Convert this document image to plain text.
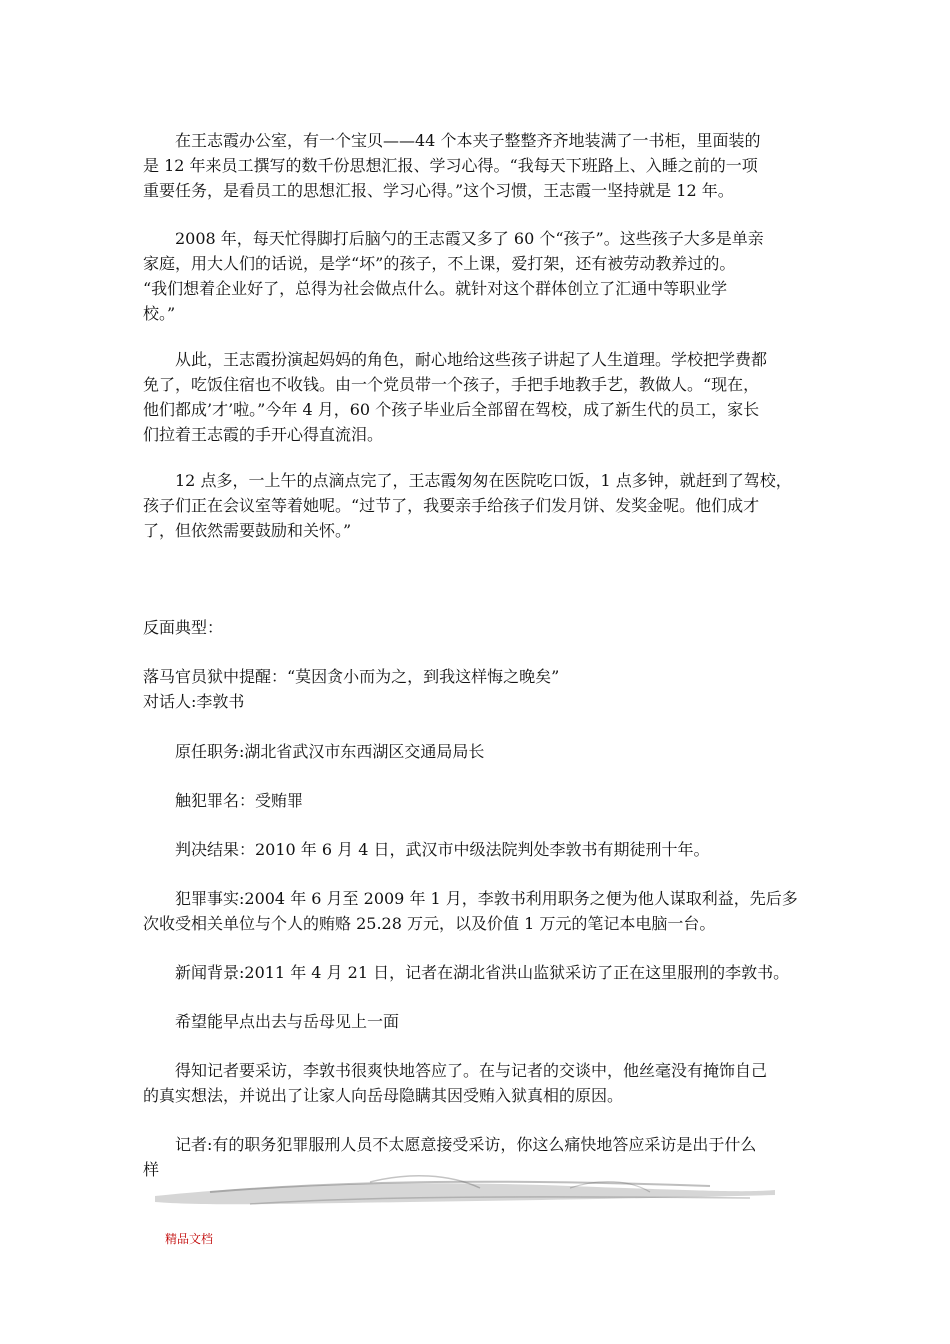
在王志霞办公室，有一个宝贝——44 个本夹子整整齐齐地装满了一书柜，里面装的
是 12 年来员工撰写的数千份思想汇报、学习心得。“我每天下班路上、入睡之前的一项
重要任务，是看员工的思想汇报、学习心得。”这个习惯，王志霞一坚持就是 12 年。
2008 年，每天忙得脚打后脑勺的王志霞又多了 60 个“孩子”。这些孩子大多是单亲
家庭，用大人们的话说，是学“坏”的孩子，不上课，爱打架，还有被劳动教养过的。
“我们想着企业好了，总得为社会做点什么。就针对这个群体创立了汇通中等职业学
校。”
从此，王志霞扮演起妈妈的角色，耐心地给这些孩子讲起了人生道理。学校把学费都
免了，吃饭住宿也不收钱。由一个党员带一个孩子，手把手地教手艺，教做人。“现在，
他们都成’才’啦。”今年 4 月，60 个孩子毕业后全部留在驾校，成了新生代的员工，家长
们拉着王志霞的手开心得直流泪。
12 点多，一上午的点滴点完了，王志霞匆匆在医院吃口饭，1 点多钟，就赶到了驾校，
孩子们正在会议室等着她呢。“过节了，我要亲手给孩子们发月饼、发奖金呢。他们成才
了，但依然需要鼓励和关怀。”
反面典型：
落马官员狱中提醒：“莫因贪小而为之，到我这样悔之晚矣”
对话人:李敦书
原任职务:湖北省武汉市东西湖区交通局局长
触犯罪名：受贿罪
判决结果：2010 年 6 月 4 日，武汉市中级法院判处李敦书有期徒刑十年。
犯罪事实:2004 年 6 月至 2009 年 1 月，李敦书利用职务之便为他人谋取利益，先后多
次收受相关单位与个人的贿赂 25.28 万元，以及价值 1 万元的笔记本电脑一台。
新闻背景:2011 年 4 月 21 日，记者在湖北省洪山监狱采访了正在这里服刑的李敦书。
希望能早点出去与岳母见上一面
得知记者要采访，李敦书很爽快地答应了。在与记者的交谈中，他丝毫没有掩饰自己
的真实想法，并说出了让家人向岳母隐瞒其因受贿入狱真相的原因。
记者:有的职务犯罪服刑人员不太愿意接受采访，你这么痛快地答应采访是出于什么
样
精品文档
